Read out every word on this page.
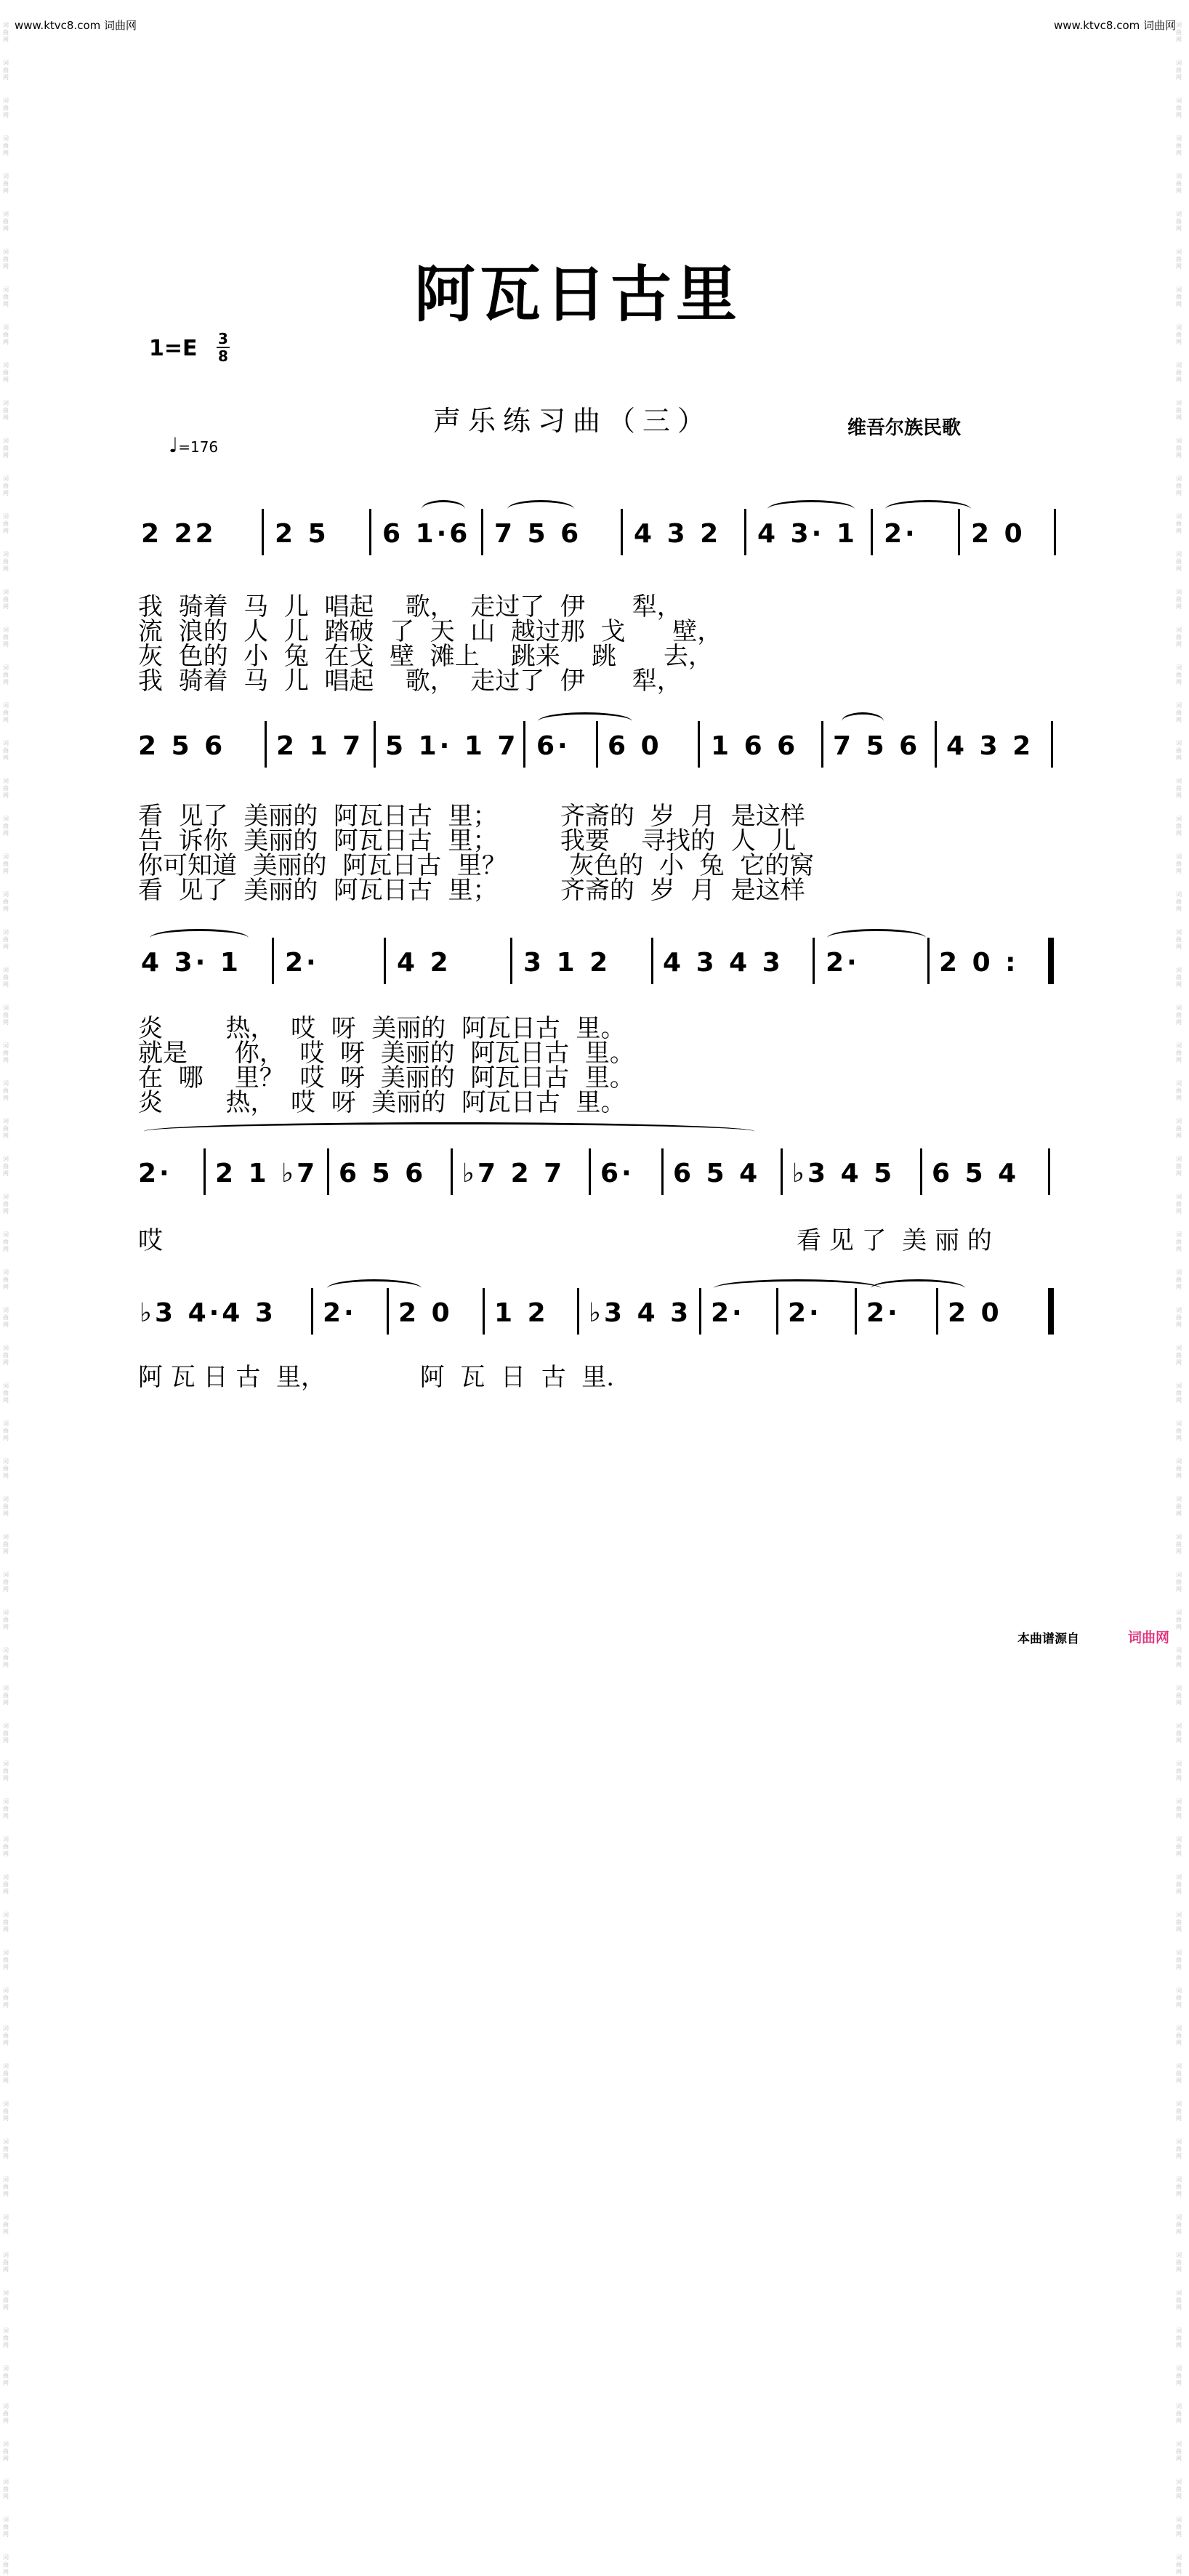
www.ktvc8.com 词曲网	www.ktvc8.com 词曲网
词曲网
词曲网
词曲网
词曲网
词曲网
词曲网
词曲网
词曲网
词曲网
词曲网
词曲网
词曲网
词曲网
词曲网
词曲网
词曲网
词曲网
词曲网
词曲网
词曲网
词曲网
词曲网
词曲网
词曲网
词曲网
词曲网
词曲网
词曲网
词曲网
词曲网
词曲网
词曲网
词曲网
词曲网
词曲网
词曲网
词曲网
词曲网
词曲网
词曲网
词曲网
词曲网
词曲网
词曲网
词曲网
词曲网
词曲网
词曲网
词曲网
词曲网
词曲网
词曲网
词曲网
词曲网
词曲网
词曲网
词曲网
词曲网
词曲网
词曲网
词曲网
词曲网
词曲网
词曲网
词曲网
词曲网
词曲网
词曲网
词曲网
词曲网
词曲网
词曲网
词曲网
词曲网
词曲网
词曲网
词曲网
词曲网
词曲网
词曲网
词曲网
词曲网
词曲网
词曲网
词曲网
词曲网
词曲网
词曲网
词曲网
词曲网
词曲网
词曲网
词曲网
词曲网
词曲网
词曲网
词曲网
词曲网
词曲网
词曲网
词曲网
词曲网
词曲网
词曲网
词曲网
词曲网
词曲网
词曲网
词曲网
词曲网
词曲网
词曲网
词曲网
词曲网
词曲网
词曲网
词曲网
词曲网
词曲网
词曲网
词曲网
词曲网
词曲网
词曲网
词曲网
词曲网
词曲网
词曲网
词曲网
词曲网
词曲网
词曲网
词曲网
词曲网
词曲网
词曲网
阿瓦日古里
1=E 3
8
声乐练习曲（三）	维吾尔族民歌
♩=176
2 22 2 5 6 1·6 7 5 6 4 3 2 4 3· 1 2· 2 0
我  骑着  马  儿  唱起    歌，  走过了  伊      犁，
流  浪的  人  儿  踏破  了  天  山  越过那  戈      壁，
灰  色的  小  兔  在戈  壁  滩上    跳来    跳      去，
我  骑着  马  儿  唱起    歌，  走过了  伊      犁，
2 5 6 2 1 7 5 1· 1 7 6· 6 0 1 6 6 7 5 6 4 3 2
看  见了  美丽的  阿瓦日古  里；        齐斋的  岁  月  是这样
告  诉你  美丽的  阿瓦日古  里；        我要    寻找的  人  儿
你可知道  美丽的  阿瓦日古  里？        灰色的  小  兔  它的窝
看  见了  美丽的  阿瓦日古  里；        齐斋的  岁  月  是这样
4 3· 1 2·	4 2	3 1 2 4 3 4 3 2·	2 0 :
炎        热，  哎  呀  美丽的  阿瓦日古  里。
就是      你，  哎  呀  美丽的  阿瓦日古  里。
在  哪    里？  哎  呀  美丽的  阿瓦日古  里。
炎        热，  哎  呀  美丽的  阿瓦日古  里。
2· 2 1 ♭7 6 5 6 ♭7 2 7 6· 6 5 4 ♭3 4 5 6 5 4
哎	看 见 了  美 丽 的
♭3 4·4 3 2· 2 0 1 2 ♭3 4 3 2· 2· 2· 2 0
阿 瓦 日 古  里，            阿  瓦  日  古  里.
本曲谱源自	词曲网
